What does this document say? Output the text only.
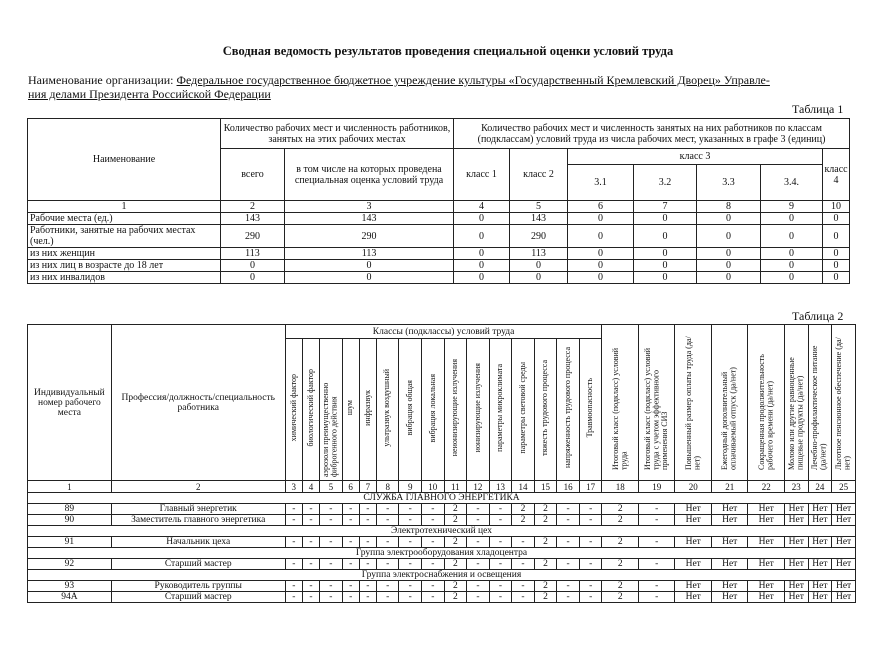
Сводная ведомость результатов проведения специальной оценки условий труда
Наименование организации: Федеральное государственное бюджетное учреждение культуры «Государственный Кремлевский Дворец» Управле-
ния делами Президента Российской Федерации
Таблица 1
Наименование	Количество рабочих мест и численность работников, занятых на этих рабочих местах		Количество рабочих мест и численность занятых на них работников по классам (подклассам) условий труда из числа рабочих мест, указанных в графе 3 (единиц)						
	всего	в том числе на которых проведена специальная оценка условий труда	класс 1	класс 2	класс 3				класс 4
					3.1	3.2	3.3	3.4.	
1	2	3	4	5	6	7	8	9	10
Рабочие места (ед.)	143	143	0	143	0	0	0	0	0
Работники, занятые на рабочих местах (чел.)	290	290	0	290	0	0	0	0	0
из них женщин	113	113	0	113	0	0	0	0	0
из них лиц в возрасте до 18 лет	0	0	0	0	0	0	0	0	0
из них инвалидов	0	0	0	0	0	0	0	0	0
Таблица 2
Индивидуальный номер рабочего места	Профессия/должность/специальность работника	Классы (подклассы) условий труда															Итоговый класс (подкласс) условий труда	Итоговый класс (подкласс) условий труда с учетом эффективного применения СИЗ	Повышенный размер оплаты труда (да/нет)	Ежегодный дополнительный оплачиваемый отпуск (да/нет)	Сокращенная продолжительность рабочего времени (да/нет)	Молоко или другие равноценные пищевые продукты (да/нет)	Лечебно-профилактическое питание (да/нет)	Льготное пенсионное обеспечение (да/нет)
		химический фактор	биологический фактор	аэрозоли преимущественно фиброгенного действия	шум	инфразвук	ультразвук воздушный	вибрация общая	вибрация локальная	неионизирующие излучения	ионизирующие излучения	параметры микроклимата	параметры световой среды	тяжесть трудового процесса	напряженность трудового процесса	Травмоопасность								
1	2	3	4	5	6	7	8	9	10	11	12	13	14	15	16	17	18	19	20	21	22	23	24	25
СЛУЖБА ГЛАВНОГО ЭНЕРГЕТИКА																								
89	Главный энергетик	-	-	-	-	-	-	-	-	2	-	-	2	2	-	-	2	-	Нет	Нет	Нет	Нет	Нет	Нет
90	Заместитель главного энергетика	-	-	-	-	-	-	-	-	2	-	-	2	2	-	-	2	-	Нет	Нет	Нет	Нет	Нет	Нет
Электротехнический цех																								
91	Начальник цеха	-	-	-	-	-	-	-	-	2	-	-	-	2	-	-	2	-	Нет	Нет	Нет	Нет	Нет	Нет
Группа электрооборудования хладоцентра																								
92	Старший мастер	-	-	-	-	-	-	-	-	2	-	-	-	2	-	-	2	-	Нет	Нет	Нет	Нет	Нет	Нет
Группа электроснабжения и освещения																								
93	Руководитель группы	-	-	-	-	-	-	-	-	2	-	-	-	2	-	-	2	-	Нет	Нет	Нет	Нет	Нет	Нет
94А	Старший мастер	-	-	-	-	-	-	-	-	2	-	-	-	2	-	-	2	-	Нет	Нет	Нет	Нет	Нет	Нет
